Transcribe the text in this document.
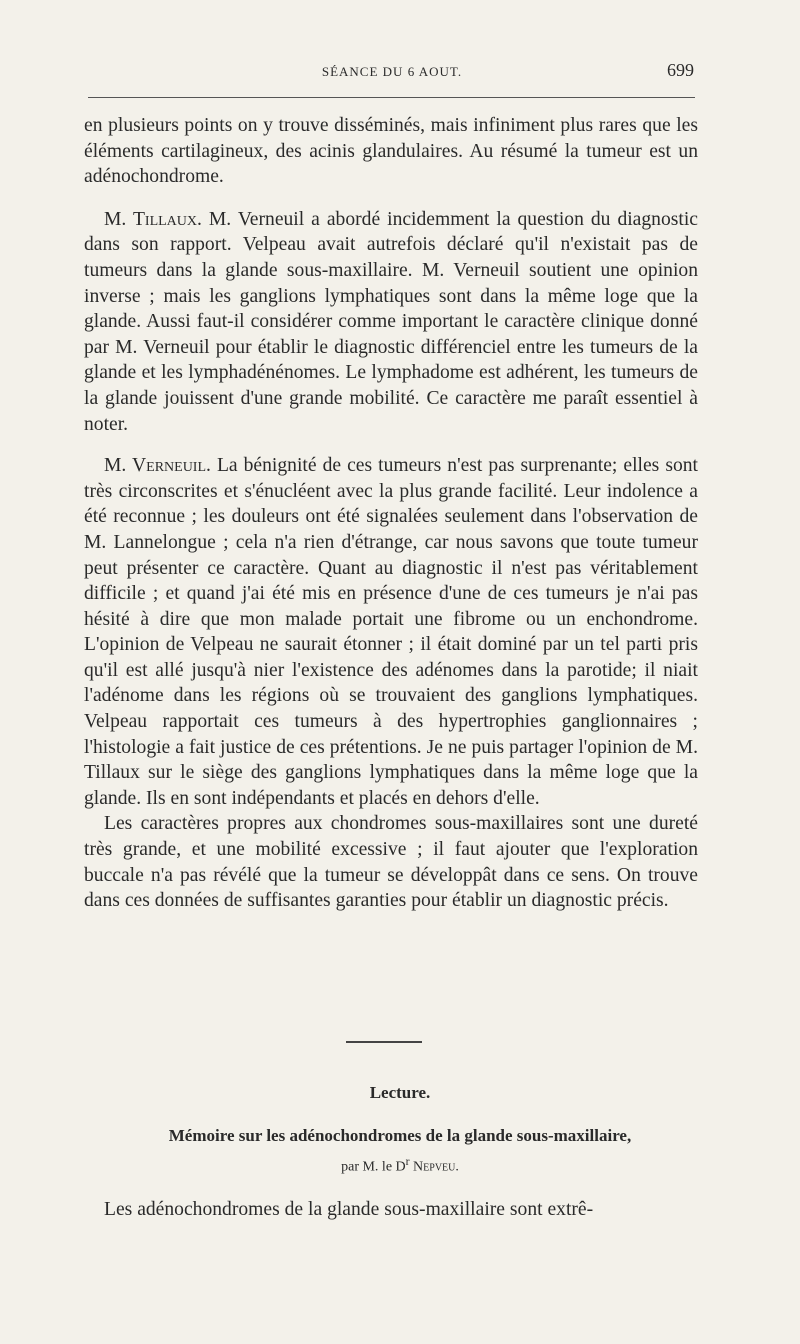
SÉANCE DU 6 AOUT.	699

en plusieurs points on y trouve disséminés, mais infiniment plus rares que les éléments cartilagineux, des acinis glandulaires. Au résumé la tumeur est un adénochondrome.

M. Tillaux. M. Verneuil a abordé incidemment la question du diagnostic dans son rapport. Velpeau avait autrefois déclaré qu'il n'existait pas de tumeurs dans la glande sous-maxillaire. M. Verneuil soutient une opinion inverse ; mais les ganglions lymphatiques sont dans la même loge que la glande. Aussi faut-il considérer comme important le caractère clinique donné par M. Verneuil pour établir le diagnostic différenciel entre les tumeurs de la glande et les lymphadénénomes. Le lymphadome est adhérent, les tumeurs de la glande jouissent d'une grande mobilité. Ce caractère me paraît essentiel à noter.

M. Verneuil. La bénignité de ces tumeurs n'est pas surprenante; elles sont très circonscrites et s'énucléent avec la plus grande facilité. Leur indolence a été reconnue ; les douleurs ont été signalées seulement dans l'observation de M. Lannelongue ; cela n'a rien d'étrange, car nous savons que toute tumeur peut présenter ce caractère. Quant au diagnostic il n'est pas véritablement difficile ; et quand j'ai été mis en présence d'une de ces tumeurs je n'ai pas hésité à dire que mon malade portait une fibrome ou un enchondrome. L'opinion de Velpeau ne saurait étonner ; il était dominé par un tel parti pris qu'il est allé jusqu'à nier l'existence des adénomes dans la parotide; il niait l'adénome dans les régions où se trouvaient des ganglions lymphatiques. Velpeau rapportait ces tumeurs à des hypertrophies ganglionnaires ; l'histologie a fait justice de ces prétentions. Je ne puis partager l'opinion de M. Tillaux sur le siège des ganglions lymphatiques dans la même loge que la glande. Ils en sont indépendants et placés en dehors d'elle.

Les caractères propres aux chondromes sous-maxillaires sont une dureté très grande, et une mobilité excessive ; il faut ajouter que l'exploration buccale n'a pas révélé que la tumeur se développât dans ce sens. On trouve dans ces données de suffisantes garanties pour établir un diagnostic précis.

Lecture.
Mémoire sur les adénochondromes de la glande sous-maxillaire,
par M. le $D^r$ Nepveu.
Les adénochondromes de la glande sous-maxillaire sont extrê-
